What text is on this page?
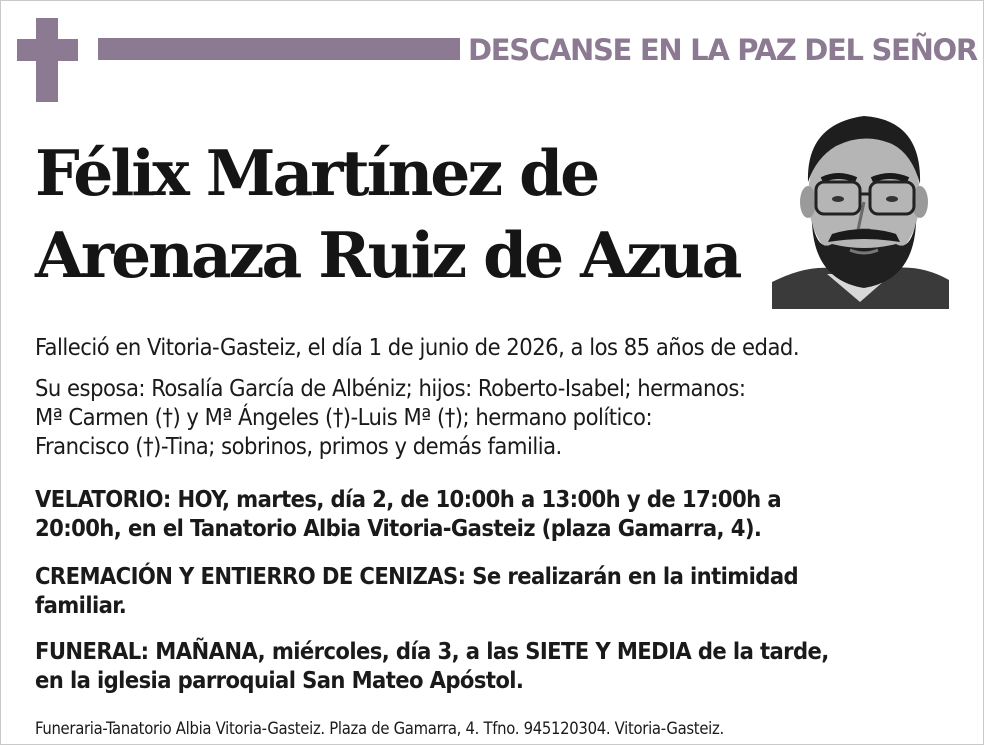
DESCANSE EN LA PAZ DEL SEÑOR
Félix Martínez de
Arenaza Ruiz de Azua
Falleció en Vitoria-Gasteiz, el día 1 de junio de 2026, a los 85 años de edad.
Su esposa: Rosalía García de Albéniz; hijos: Roberto-Isabel; hermanos:
Mª Carmen (†) y Mª Ángeles (†)-Luis Mª (†); hermano político:
Francisco (†)-Tina; sobrinos, primos y demás familia.
VELATORIO: HOY, martes, día 2, de 10:00h a 13:00h y de 17:00h a
20:00h, en el Tanatorio Albia Vitoria-Gasteiz (plaza Gamarra, 4).
CREMACIÓN Y ENTIERRO DE CENIZAS: Se realizarán en la intimidad
familiar.
FUNERAL: MAÑANA, miércoles, día 3, a las SIETE Y MEDIA de la tarde,
en la iglesia parroquial San Mateo Apóstol.
Funeraria-Tanatorio Albia Vitoria-Gasteiz. Plaza de Gamarra, 4. Tfno. 945120304. Vitoria-Gasteiz.
